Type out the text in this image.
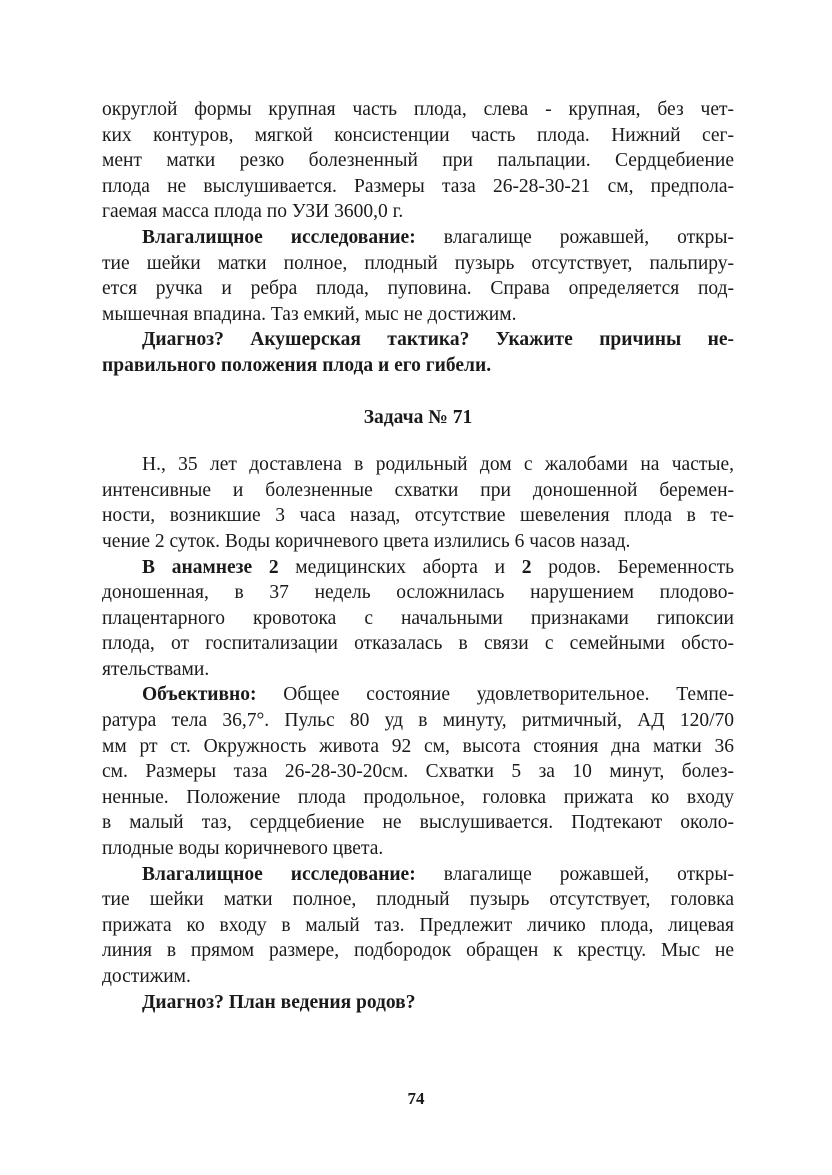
округлой формы крупная часть плода, слева - крупная, без чет-
ких контуров, мягкой консистенции часть плода. Нижний сег-
мент матки резко болезненный при пальпации. Сердцебиение
плода не выслушивается. Размеры таза 26-28-30-21 см, предпола-
гаемая масса плода по УЗИ 3600,0 г.
Влагалищное исследование: влагалище рожавшей, откры-
тие шейки матки полное, плодный пузырь отсутствует, пальпиру-
ется ручка и ребра плода, пуповина. Справа определяется под-
мышечная впадина. Таз емкий, мыс не достижим.
Диагноз? Акушерская тактика? Укажите причины не-
правильного положения плода и его гибели.
Задача № 71
Н., 35 лет доставлена в родильный дом с жалобами на частые,
интенсивные и болезненные схватки при доношенной беремен-
ности, возникшие 3 часа назад, отсутствие шевеления плода в те-
чение 2 суток. Воды коричневого цвета излились 6 часов назад.
В анамнезе 2 медицинских аборта и 2 родов. Беременность
доношенная, в 37 недель осложнилась нарушением плодово-
плацентарного кровотока с начальными признаками гипоксии
плода, от госпитализации отказалась в связи с семейными обсто-
ятельствами.
Объективно: Общее состояние удовлетворительное. Темпе-
ратура тела 36,7°. Пульс 80 уд в минуту, ритмичный, АД 120/70
мм рт ст. Окружность живота 92 см, высота стояния дна матки 36
см. Размеры таза 26-28-30-20см. Схватки 5 за 10 минут, болез-
ненные. Положение плода продольное, головка прижата ко входу
в малый таз, сердцебиение не выслушивается. Подтекают около-
плодные воды коричневого цвета.
Влагалищное исследование: влагалище рожавшей, откры-
тие шейки матки полное, плодный пузырь отсутствует, головка
прижата ко входу в малый таз. Предлежит личико плода, лицевая
линия в прямом размере, подбородок обращен к крестцу. Мыс не
достижим.
Диагноз? План ведения родов?
74
